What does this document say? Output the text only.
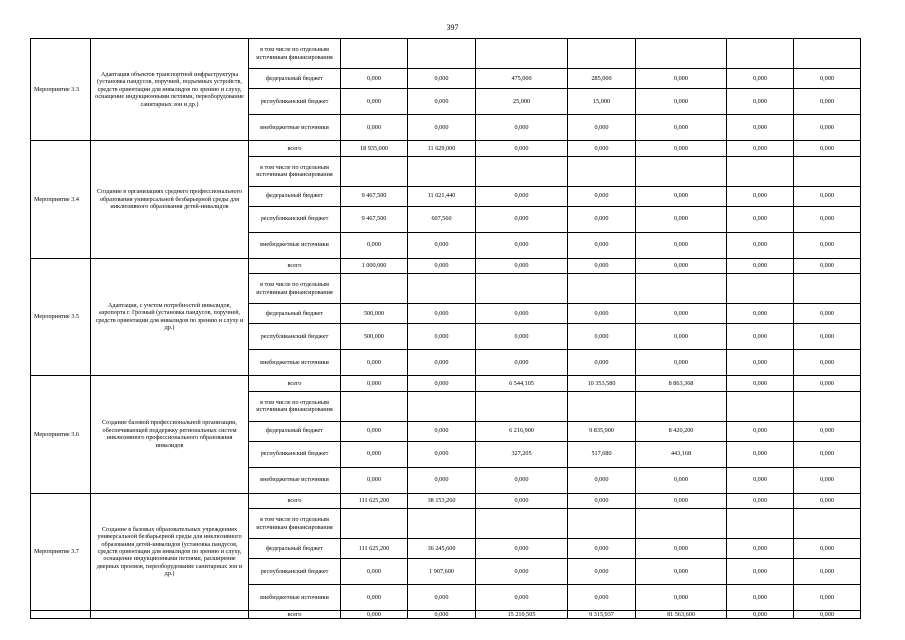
397
Мероприятие 3.3	Адаптация объектов транспортной инфраструктуры (установка пандусов, поручней, подъемных устройств, средств ориентации для инвалидов по зрению и слуху, оснащение индукционными петлями, переоборудование санитарных зон и др.)	в том числе по отдельным источникам финансирования							
		федеральный бюджет	0,000	0,000	475,000	285,000	0,000	0,000	0,000
		республиканский бюджет	0,000	0,000	25,000	15,000	0,000	0,000	0,000
		внебюджетные источники	0,000	0,000	0,000	0,000	0,000	0,000	0,000
Мероприятие 3.4	Создание в организациях среднего профессионального образования универсальной безбарьерной среды для инклюзивного образования детей-инвалидов	всего	18 935,000	11 629,000	0,000	0,000	0,000	0,000	0,000
		в том числе по отдельным источникам финансирования							
		федеральный бюджет	9 467,500	11 021,440	0,000	0,000	0,000	0,000	0,000
		республиканский бюджет	9 467,500	607,560	0,000	0,000	0,000	0,000	0,000
		внебюджетные источники	0,000	0,000	0,000	0,000	0,000	0,000	0,000
Мероприятие 3.5	Адаптация, с учетом потребностей инвалидов, аэропорта г. Грозный (установка пандусов, поручней, средств ориентации для инвалидов по зрению и слуху и др.)	всего	1 000,000	0,000	0,000	0,000	0,000	0,000	0,000
		в том числе по отдельным источникам финансирования							
		федеральный бюджет	500,000	0,000	0,000	0,000	0,000	0,000	0,000
		республиканский бюджет	500,000	0,000	0,000	0,000	0,000	0,000	0,000
		внебюджетные источники	0,000	0,000	0,000	0,000	0,000	0,000	0,000
Мероприятие 3.6	Создание базовой профессиональной организации, обеспечивающей поддержку региональных систем инклюзивного профессионального образования инвалидов	всего	0,000	0,000	6 544,105	10 353,580	8 863,368	0,000	0,000
		в том числе по отдельным источникам финансирования							
		федеральный бюджет	0,000	0,000	6 216,900	9 835,900	8 420,200	0,000	0,000
		республиканский бюджет	0,000	0,000	327,205	517,680	443,168	0,000	0,000
		внебюджетные источники	0,000	0,000	0,000	0,000	0,000	0,000	0,000
Мероприятие 3.7	Создание в базовых образовательных учреждениях универсальной безбарьерной среды для инклюзивного образования детей-инвалидов (установка пандусов, средств ориентации для инвалидов по зрению и слуху, оснащение индукционными петлями, расширение дверных проемов, переоборудование санитарных зон и др.)	всего	111 625,200	38 153,260	0,000	0,000	0,000	0,000	0,000
		в том числе по отдельным источникам финансирования							
		федеральный бюджет	111 625,200	36 245,600	0,000	0,000	0,000	0,000	0,000
		республиканский бюджет	0,000	1 907,600	0,000	0,000	0,000	0,000	0,000
		внебюджетные источники	0,000	0,000	0,000	0,000	0,000	0,000	0,000
		всего	0,000	0,000	15 210,505	9 315,937	81 563,600	0,000	0,000
